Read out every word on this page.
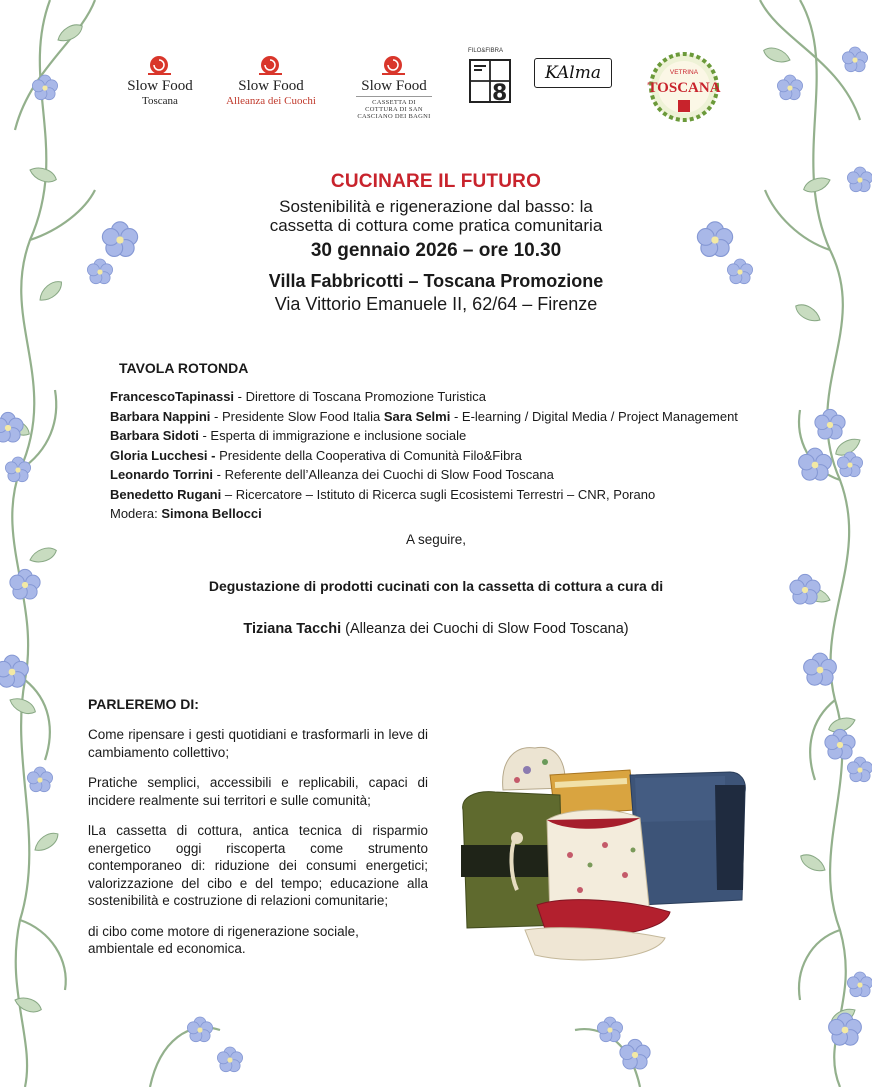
Slow Food
Toscana
Slow Food
Alleanza dei Cuochi
Slow Food
CASSETTA DI COTTURA DI SAN CASCIANO DEI BAGNI
FILO&FIBRA
8
KAlma	VETRINA
TOSCANA
CUCINARE IL FUTURO
Sostenibilità e rigenerazione dal basso: la
cassetta di cottura come pratica comunitaria
30 gennaio 2026 – ore 10.30
Villa Fabbricotti – Toscana Promozione
Via Vittorio Emanuele II, 62/64 – Firenze
TAVOLA ROTONDA
FrancescoTapinassi - Direttore di Toscana Promozione Turistica
Barbara Nappini - Presidente Slow Food Italia Sara Selmi - E-learning / Digital Media / Project Management Barbara Sidoti - Esperta di immigrazione e inclusione sociale
Gloria Lucchesi - Presidente della Cooperativa di Comunità Filo&Fibra
Leonardo Torrini - Referente dell’Alleanza dei Cuochi di Slow Food Toscana
Benedetto Rugani – Ricercatore – Istituto di Ricerca sugli Ecosistemi Terrestri – CNR, Porano
Modera: Simona Bellocci
A seguire,
Degustazione di prodotti cucinati con la cassetta di cottura a cura di
Tiziana Tacchi (Alleanza dei Cuochi di Slow Food Toscana)
PARLEREMO DI:

Come ripensare i gesti quotidiani e trasformarli in leve di cambiamento collettivo;

Pratiche semplici, accessibili e replicabili, capaci di incidere realmente sui territori e sulle comunità;

lLa cassetta di cottura, antica tecnica di risparmio energetico oggi riscoperta come strumento contemporaneo di: riduzione dei consumi energetici; valorizzazione del cibo e del tempo; educazione alla sostenibilità e costruzione di relazioni comunitarie;

di cibo come motore di rigenerazione sociale, ambientale ed economica.
